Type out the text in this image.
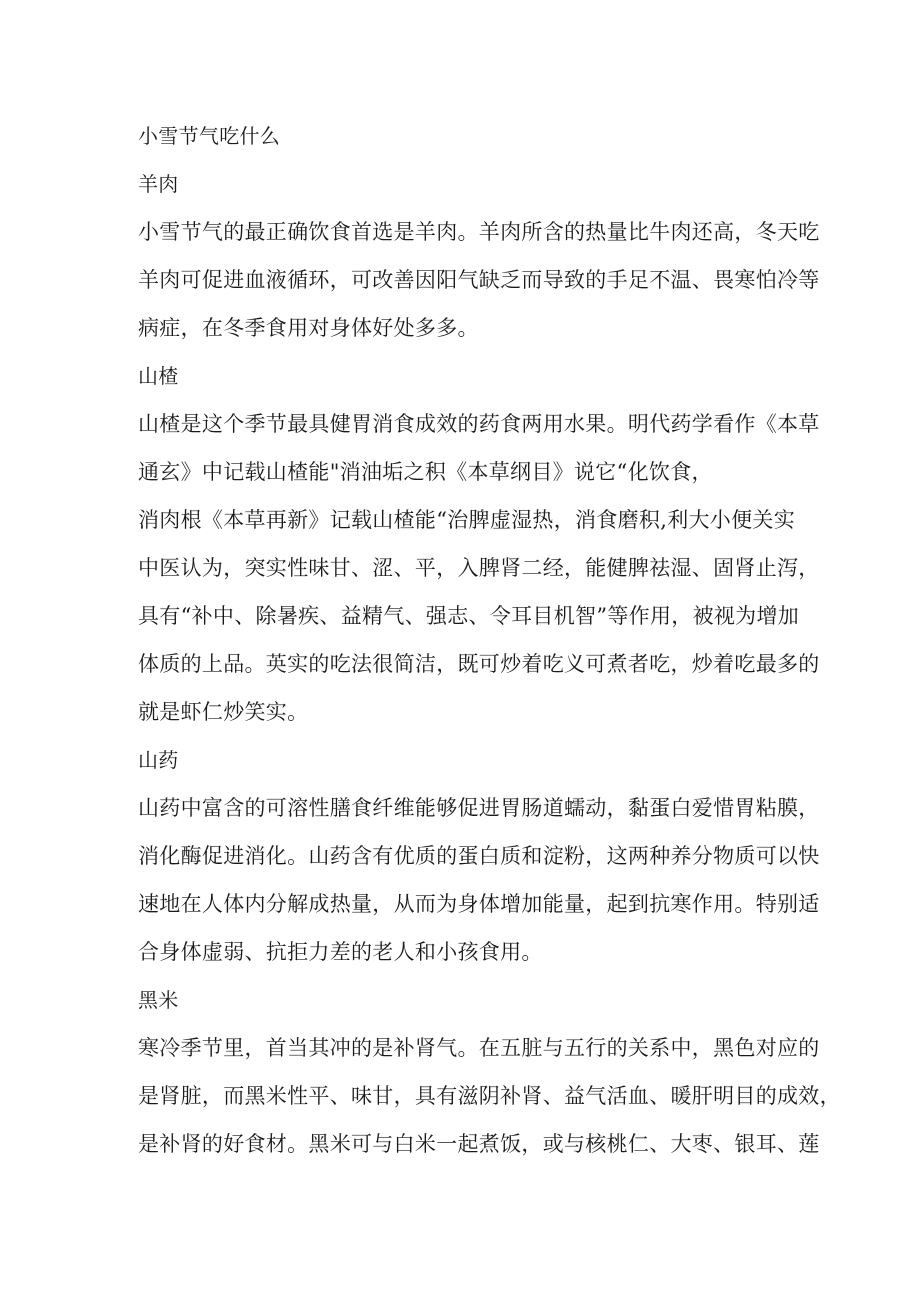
小雪节气吃什么
羊肉
小雪节气的最正确饮食首选是羊肉。羊肉所含的热量比牛肉还高，冬天吃
羊肉可促进血液循环，可改善因阳气缺乏而导致的手足不温、畏寒怕冷等
病症，在冬季食用对身体好处多多。
山楂
山楂是这个季节最具健胃消食成效的药食两用水果。明代药学看作《本草
通玄》中记载山楂能"消油垢之积《本草纲目》说它“化饮食，
消肉根《本草再新》记载山楂能“治脾虚湿热，消食磨积,利大小便关实
中医认为，突实性味甘、涩、平，入脾肾二经，能健脾祛湿、固肾止泻，
具有“补中、除暑疾、益精气、强志、令耳目机智”等作用，被视为增加
体质的上品。英实的吃法很简洁，既可炒着吃义可煮者吃，炒着吃最多的
就是虾仁炒笑实。
山药
山药中富含的可溶性膳食纤维能够促进胃肠道蠕动，黏蛋白爱惜胃粘膜，
消化酶促进消化。山药含有优质的蛋白质和淀粉，这两种养分物质可以快
速地在人体内分解成热量，从而为身体增加能量，起到抗寒作用。特别适
合身体虚弱、抗拒力差的老人和小孩食用。
黑米
寒冷季节里，首当其冲的是补肾气。在五脏与五行的关系中，黑色对应的
是肾脏，而黑米性平、味甘，具有滋阴补肾、益气活血、暖肝明目的成效，
是补肾的好食材。黑米可与白米一起煮饭，或与核桃仁、大枣、银耳、莲
